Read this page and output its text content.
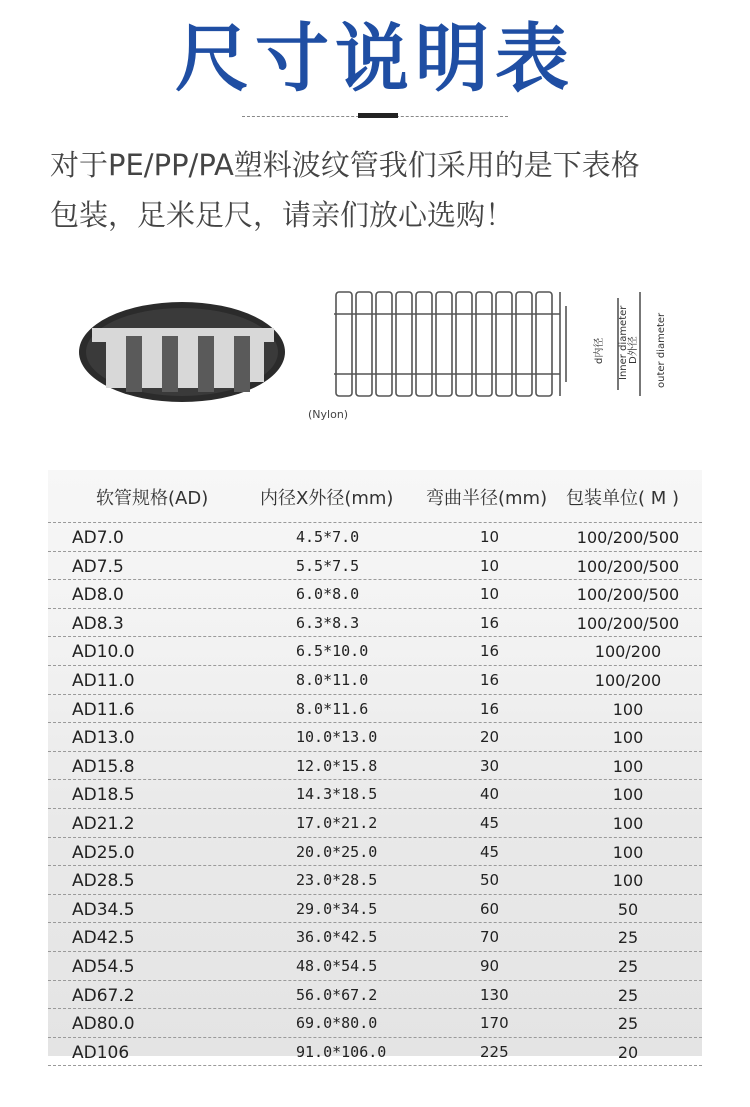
尺寸说明表
对于PE/PP/PA塑料波纹管我们采用的是下表格
包装，足米足尺，请亲们放心选购！
(Nylon)
d内径 Inner diameter D外径 outer diameter
软管规格(AD)	内径X外径(mm) 弯曲半径(mm) 包装单位( M )
AD7.0	4.5*7.0	10	100/200/500
AD7.5	5.5*7.5	10	100/200/500
AD8.0	6.0*8.0	10	100/200/500
AD8.3	6.3*8.3	16	100/200/500
AD10.0	6.5*10.0	16	100/200
AD11.0	8.0*11.0	16	100/200
AD11.6	8.0*11.6	16	100
AD13.0	10.0*13.0	20	100
AD15.8	12.0*15.8	30	100
AD18.5	14.3*18.5	40	100
AD21.2	17.0*21.2	45	100
AD25.0	20.0*25.0	45	100
AD28.5	23.0*28.5	50	100
AD34.5	29.0*34.5	60	50
AD42.5	36.0*42.5	70	25
AD54.5	48.0*54.5	90	25
AD67.2	56.0*67.2	130	25
AD80.0	69.0*80.0	170	25
AD106	91.0*106.0	225	20
